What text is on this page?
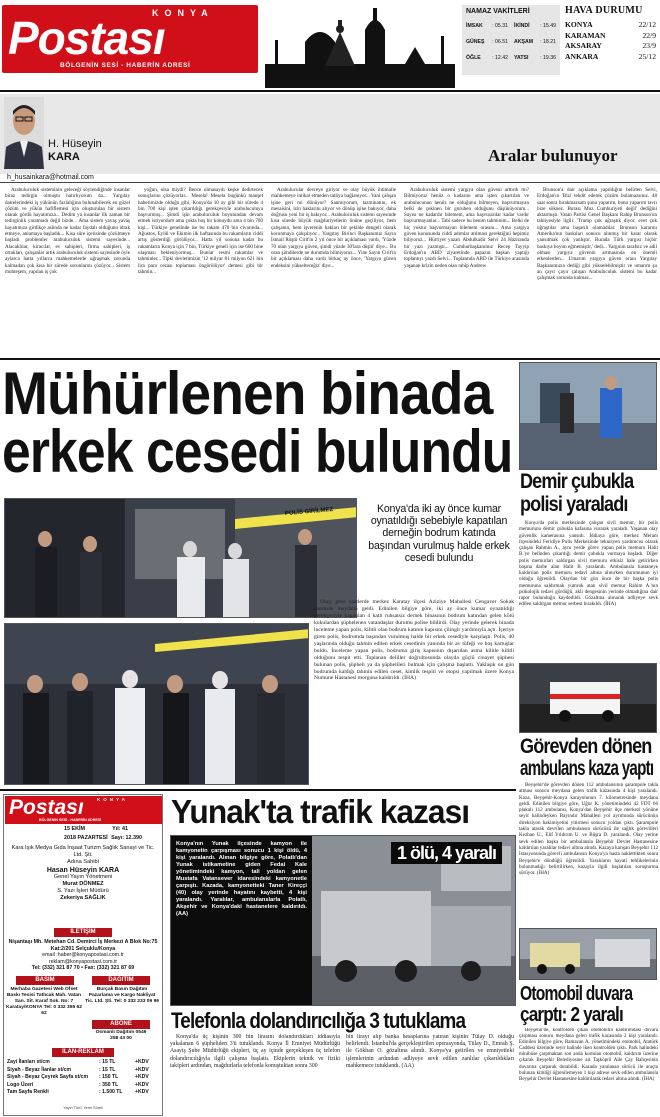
KONYA
Postası
BÖLGENİN SESİ - HABERİN ADRESİ
NAMAZ VAKİTLERİ
İMSAK : 05.31 İKİNDİ : 15.49
GÜNEŞ : 06.51 AKŞAM : 18.21
ÖĞLE : 12.42 YATSI : 19.36
HAVA DURUMU
KONYA	22/12
KARAMAN	22/9
AKSARAY	23/9
ANKARA	25/12
H. Hüseyin
KARA	Aralar bulunuyor
h_husainkara@hotmail.com

Arabuluculuk sisteminin geleceği söylendiğinde insanlar biraz tedirgin olmuştu hatırlıyorum da... Yargıtay dairelerindeki iş yükünün fazlalığına bulunabilecek en güzel çözüm ve yükün hafiflemesi için oluşturulan bir sistem olarak gördü hayatımıza... Dedim ya insanlar ilk zaman bir tedirginlik yaratmadı değil bizde... Ama sistem yavaş yavaş hayatımıza girdikçe aslında ne kadar faydalı olduğunu idrak etmeye, anlamaya başladık... Kısa süre içerisinde çözülmeye başladı problemler arabuluculuk sistemi sayesinde... Alacaklılar, kiracılar, ev sahipleri, firma sahipleri, iş ortakları, çalışanlar artık arabuluculuk sistemi sayesinde öyle aylarca hatta yıllarca mahkemelerde uğraşmak zorunda kalmadan çok kısa bir sürede sorunlarını çözüyor... Sistem muhteşem, yapılan iş çok

yoğun, olsa miydi? Bence olmasaydı keşke dedirtecek sonuçlarını çözüyorlar... Mesela! Mesela bugünkü manşet haberimizde olduğu gibi, Konya'da 10 ay gibi bir sürede 4 bin 700 kişi işten çıkarıldığı gerekçesiyle arabuluculuya başvurmuş... Şimdi işin arabuluculuk boyutundan devam etmek istiyordum ama çokta hoş bir konuydu ama 4 bin 700 kişi... Türkiye genelinde ise bu rakam 470 bin civarında... Ağustos, Eylül ve Ekimin ilk haftasında bu rakamların ciddi artış gösterdiği görülüyor... Hatta yıl sonuna kadar bu rakamların Konya için 7 bin, Türkiye geneli için ise 600 bine ulaşması bekleniyormuş... Bunlar resmi rakamlar ve tahminler... Tipki devletimizin '12 milyar 81 milyon 621 bin lira para cezası toplaması öngörülüyor' demesi gibi bir tahmin...

Arabulucular devreye giriyor ve olay büyük ihtimalle mahkemeye intikal etmeden tatlıya bağlanıyor... Yani çalışan işine geri mi dönüyor? Sanmıyorum, tazminatını, ek mesaisini, izin haklarını alıyor ve dönüp işine bakıyor, daha doğrusu yeni bir iş bakıyor... Arabuluculuk sistemi sayesinde kısa sürede büyük mağduriyetlerin önüne geçiliyor, hem çalışanın, hem işverenin hakları bir şekilde dengeli olarak korunmaya çalışılıyor... Yargıtay Birinci Başkanımız Sayın İsmail Rüştü Cirit'in 2 yıl önce bir açıklaması vardı, 'Yüzde 70 olan yargıya güven, şimdi yüzde 30'lara düştü' diye... Bu oran şimdilerde ne durumda bilmiyoruz... Yine Sayın Cirit'in bir açıklaması daha vardı birkaç ay önce, 'Yargıya güven endeksini yükselteceğiz' diye...

Arabuluculuk sistemi yargıya olan güveni arttırdı mı? Bilmiyoruz henüz o kadarını ama işten çıkartılan ve arabulucunun henüz ne olduğunu bilmeyen, başvurmayan belki de çekinen bir guruben olduğunu düşünüyorum... Sayısı ne kadardır bilemem, ama başvurarılar kadar vardır başvurmayanlar... Tabi sadece bu benim tahminim... Belki de hiç yoktur başvurmayan bilemem orasını... Ama yargıya güven konusunda ciddi adımlar atılması gerektiğini hepimiz biliyoruz... Hürriyet yazarı Abdulkadir Selvi 24 Haziranda bir yazı yazmıştı... Cumhurbaşkanımız Recep Tayyip Erdoğan'ın ABD ziyaretinde papazın başkan yaptığı toplantıyı yazdı Selvi... Toplantıda ABD ile Türkiye arasında yaşanan krizin neden olan rahip Andrew

Brunson'a dair açıklama yapıldığını belirten Selvi, Erdoğan'ın 'Bizi tehdit ederek çözüm bulamazsınız. 48 saat sonra bırakmazsam şunu yaparım, bunu yaparım tavrı bize söknez. Burası Muz Cumhuriyeti değil' dediğini aktarmıştı. Vatan Partisi Genel Başkanı Rahip Brunson'un tahliyesiyle ilgili: 'Trump çok uğraştık diyor, evet çok uğraştılar ama başarılı olamadılar. Brunson kararını Amerika'nın baskıları sonucu alınmış bir karar olarak yansıtmak çok yanlıştır. Burada Türk yargısı hiçbir baskıya boyun eğmemiştir,' dedi... Yargının tarafsız ve adil olması yargıya güvenin artmasında en önemli etkenlerden... Umarım yargıya güven oranı Yargıtay Başkanımızın dediği gibi yükselebilmiştir ve umarım şu an çayır çayır çalışan Arabuluculuk sistemi bu kadar çalışmak zorunda kalmaz...

Mühürlenen binada
erkek cesedi bulundu
POLİS GİRİLMEZ	Konya'da iki ay önce kumar oynatıldığı sebebiyle kapatılan derneğin bodrum katında başından vurulmuş halde erkek cesedi bulundu

Olay, gece saatlerde merkez Karatay ilçesi Aziziye Mahallesi Cengaver Sokak üzerinde meydana geldi. Edinilen bilgiye göre, iki ay önce kumar oynatıldığı gerekçesiyle kapatılan 4 katlı ruhsatsız dernek binasının bodrum katından gelen kötü kokulardan şüphelenen vatandaşlar durumu polise bildirdi. Olay yerinde gelerek binada inceleme yapan polis, kilitli olan bodrum katının kapısını çilingir yardımıyla açtı. İçeriye giren polis, bodrumda başından vurulmuş halde bir erkek cesediyle karşılaştı. Polis, 40 yaşlarında olduğu tahmin edilen erkek cesedinin yanında bir av tüfeği ve boş kartuşlar buldu. İnceleme yapan polis, bodruma giriş kapısının dışarıdan asma kilitle kilitli olduğunu tespit etti. Toplanan deliller doğrultusunda olayda güçlü cinayet şüphesi bulunan polis, şüpheli ya da şüphelileri bulmak için çalışma başlattı. Yaklaşık on gün bodrumda kaldığı tahmin edilen ceset, kimlik tespiti ve otopsi yapılmak üzere Konya Numune Hastanesi morguna kaldırıldı. (İHA)

Demir çubukla
polisi yaraladı

Konya'da polis merkezinde çalışan sivil memur, bir polis memurunu demir çubukla kafasına vurarak yaraladı. Yaşanan olay güvenlik kamerasına yansıdı. İddiaya göre, merkez Meram ilçesindeki Feridiye Polis Merkezinde teknisyen yardımcısı olarak çalışan Rahmin A., aynı yerde görev yapan polis memuru Halit B.'ye belinden çıkardığı demir çubukla vurmaya başladı. Diğer polis memurları saldırgan sivil memuru etkisiz hale getirirken başına darbe alan Halit B. yaralandı. Ambulansla hastaneye kaldırılan polis memuru tedavi altına alınırken durumunun iyi olduğu öğrenildi. Olaydan bir gün önce de bir başka polis memuruna saldırmak yumruk atan sivil memur Rahim A.'nın psikolojik tedavi gördüğü, akli dengesinin yerinde olmadığına dair rapor bulunduğu kaydedildi. Gözaltına alınarak adliyeye sevk edilen saldırgan memur serbest bırakıldı. (İHA)

Görevden dönen
ambulans kaza yaptı

Beyşehir'de görevden dönen 112 ambulansının şarampole takla atması sonucu meydana gelen trafik kazasında 4 kişi yaralandı. Kaza, Beyşehir-Konya karayolunun 7. kilometresinde meydana geldi. Edinilen bilgiye göre, Uğur K. yönetimindeki 42 FDT 66 plakalı 112 ambulansı, Konya'dan Beyşehir ilçe merkezi yönüne seyir halindeyken Bayındır Mahallesi yol ayrımında sürücünün direksiyon hakimiyetini yitirmesi sonucu yoldan çıktı. Şarampole takla atarak devrilen ambulansın sürücüsü ile sağlık görevlileri Kezban U., Elif Yıldırım U. ve Büşra D. yaralandı. Olay yerine sevk edilen başka bir ambulansla Beyşehir Devlet Hastanesine kaldırılan yaralılar tedavi altına alındı. Kazaya karışan Beyşehir 112 İstasyonunda görevli ambulansın Konya'ya hasta naklettikten sonra Beyşehir'e döndüğü öğrenildi. Yaralıların hayati tehlikelerinin bulunmadığı belirtilirken, kazayla ilgili başlatılan soruşturma sürüyor. (İHA)

Otomobil duvara
çarptı: 2 yaralı

Beyşehir'de, kontrolden çıkan otomobilin kaldırımdaki duvara çarpması sonucu meydana gelen trafik kazasında 2 kişi yaralandı. Edinilen bilgiye göre, Ramazan A. yönetimindeki otomobil, Atatürk Caddesi üzerinde seyir halinde iken kontrolden çıktı. Park halindeki minibüse çarpmaktan son anda kurtulan otomobil, kaldırım üzerine çıkarak Beyşehir Belediyesine ait Taşköprü Aile Çay Bahçesinin duvarına çarparak durabildi. Kazada yaralanan sürücü ile araçta bulunan kimliği öğrenilemeyen 1 kişi adrese sevk edilen ambulansla Beyşehir Devlet Hastanesine kaldırılarak tedavi altına alındı. (İHA)

KONYA
Postası
BÖLGENİN SESİ - HABERİN ADRESİ
15 EKİM	Yıl: 41
2018 PAZARTESİ Sayı: 12.390
Kara Işık Medya Gıda İnşaat Turizm Sağlık Sanayi ve Tic. Ltd. Şti.
Adına Sahibi
Hasan Hüseyin KARA
Genel Yayın Yönetmeni
Murat DÖNMEZ
S. Yazı İşleri Müdürü
Zekeriya SAĞLIK
İLETİŞİM
Nişantaşı Mh. Metehan Cd. Demirci İş Merkezi A Blok No:75 Kat:2/201 Selçuklu/Konya
email :haber@konyapostasi.com.tr
reklam@konyapostasi.com.tr
Tel: (332) 321 87 70 • Fax: (332) 321 87 69
BASIM	DAĞITIM
Merhaba Gazetesi Web Ofset Baskı Tesisi Tatlıcak Mah. Vatan San. Sit. Karaf Sok. No: 7 Karatay/KONYA Tel: 0 332 355 62 62
Burçak Basın Dağıtım Pazarlama ve Kargo Nakliyat Tic. Ltd. Şti. Tel: 0 332 233 09 99
ABONE
Osmanlı Dağıtım 0549 258 43 00
İLAN-REKLAM
Zayi İlanları st/cm	: 15 TL	+KDV
Siyah - Beyaz İlanlar st/cm	: 15 TL	+KDV
Siyah - Beyaz Çeyrek Sayfa st/cm	: 150 TL	+KDV
Logo Üzeri	: 350 TL	+KDV
Tam Sayfa Renkli	: 1.500 TL	+KDV
Yayın Türü: Yerel Süreli
Yunak'ta trafik kazası
Konya'nın Yunak ilçesinde kamyon ile kamyonetin çarpışması sonucu 1 kişi öldü, 4 kişi yaralandı. Alınan bilgiye göre, Polatlı'dan Yunak istikametine giden Fedai Kale yönetimindeki kamyon, tali yoldan gelen Mustafa Vatansever idaresindeki kamyonetle çarpıştı. Kazada, kamyonetteki Taner Kireççi (40) olay yerinde hayatını kaybetti, 4 kişi yaralandı. Yaralılar, ambulanslarla Polatlı, Akşehir ve Konya'daki hastanelere kaldırıldı. (AA)
1 ölü, 4 yaralı
Telefonla dolandırıcılığa 3 tutuklama

Konya'da üç kişinin 300 bin lirasını dolandırdıkları iddiasıyla yakalanan 6 şüpheliden 3'ü tutuklandı. Konya İl Emniyet Müdürlüğü Asayiş Şube Müdürlüğü ekipleri, üç ay içinde gerçekleşen üç telefon dolandırıcılığıyla ilgili çalışma başlattı. Ekiplerin teknik ve fiziki takipleri ardından, mağdurlarla telefonla konuştuktan sonra 300

bin lirayı alıp banka hesaplarına yatıran kişinin Tülay D. olduğu belirlendi. İstanbul'da gerçekleştirilen operasyonda, Tülay D., Emrah Ş. ile Gökhan O. gözaltına alındı. Konya'ya getirilen ve emniyetteki işlemlerinin ardından adliyeye sevk edilen zanlılar çıkarıldıkları mahkemece tutuklandı. (AA)
